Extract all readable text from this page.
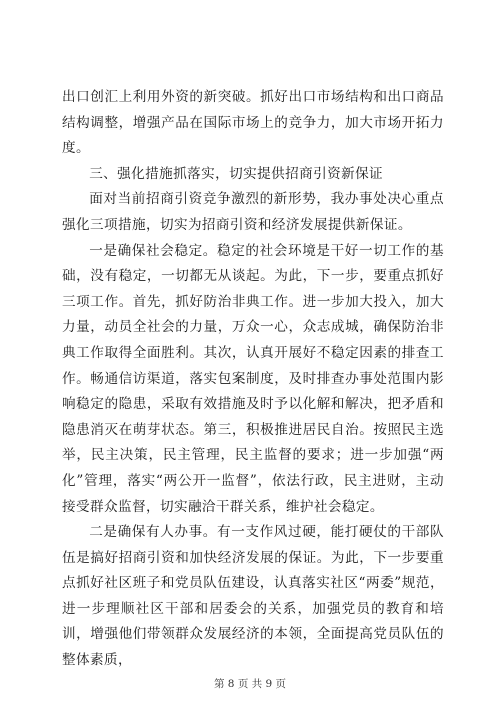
出口创汇上利用外资的新突破。抓好出口市场结构和出口商品结构调整，增强产品在国际市场上的竞争力，加大市场开拓力度。

三、强化措施抓落实，切实提供招商引资新保证

面对当前招商引资竞争激烈的新形势，我办事处决心重点强化三项措施，切实为招商引资和经济发展提供新保证。

一是确保社会稳定。稳定的社会环境是干好一切工作的基础，没有稳定，一切都无从谈起。为此，下一步，要重点抓好三项工作。首先，抓好防治非典工作。进一步加大投入，加大力量，动员全社会的力量，万众一心，众志成城，确保防治非典工作取得全面胜利。其次，认真开展好不稳定因素的排查工作。畅通信访渠道，落实包案制度，及时排查办事处范围内影响稳定的隐患，采取有效措施及时予以化解和解决，把矛盾和隐患消灭在萌芽状态。第三，积极推进居民自治。按照民主选举，民主决策，民主管理，民主监督的要求；进一步加强“两化”管理，落实“两公开一监督”，依法行政，民主进财，主动接受群众监督，切实融洽干群关系，维护社会稳定。

二是确保有人办事。有一支作风过硬，能打硬仗的干部队伍是搞好招商引资和加快经济发展的保证。为此，下一步要重点抓好社区班子和党员队伍建设，认真落实社区“两委”规范，进一步理顺社区干部和居委会的关系，加强党员的教育和培训，增强他们带领群众发展经济的本领，全面提高党员队伍的整体素质，

第 8 页 共 9 页
